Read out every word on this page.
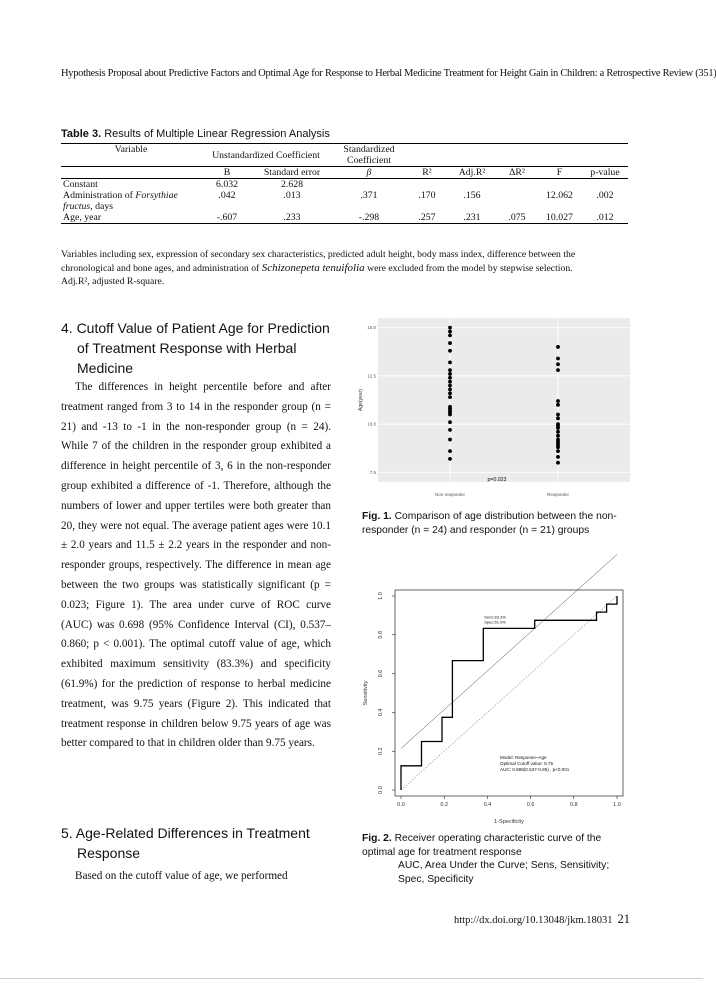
Hypothesis Proposal about Predictive Factors and Optimal Age for Response to Herbal Medicine Treatment for Height Gain in Children: a Retrospective Review (351)
Table 3. Results of Multiple Linear Regression Analysis
Variable	Unstandardized Coefficient		Standardized					
			Coefficient					
	B	Standard error	β	R²	Adj.R²	ΔR²	F	p-value
Constant	6.032	2.628						
Administration of Forsythiae fructus, days	.042	.013	.371	.170	.156		12.062	.002
Age, year	-.607	.233	-.298	.257	.231	.075	10.027	.012
Variables including sex, expression of secondary sex characteristics, predicted adult height, body mass index, difference between the chronological and bone ages, and administration of Schizonepeta tenuifolia were excluded from the model by stepwise selection.
Adj.R², adjusted R-square.
4. Cutoff Value of Patient Age for Prediction
of Treatment Response with Herbal
Medicine

The differences in height percentile before and after treatment ranged from 3 to 14 in the responder group (n = 21) and -13 to -1 in the non-responder group (n = 24). While 7 of the children in the responder group exhibited a difference in height percentile of 3, 6 in the non-responder group exhibited a difference of -1. Therefore, although the numbers of lower and upper tertiles were both greater than 20, they were not equal. The average patient ages were 10.1 ± 2.0 years and 11.5 ± 2.2 years in the responder and non-responder groups, respectively. The difference in mean age between the two groups was statistically significant (p = 0.023; Figure 1). The area under curve of ROC curve (AUC) was 0.698 (95% Confidence Interval (CI), 0.537–0.860; p < 0.001). The optimal cutoff value of age, which exhibited maximum sensitivity (83.3%) and specificity (61.9%) for the prediction of response to herbal medicine treatment, was 9.75 years (Figure 2). This indicated that treatment response in children below 9.75 years of age was better compared to that in children older than 9.75 years.

5. Age-Related Differences in Treatment
Response
Based on the cutoff value of age, we performed
7.5
10.0
12.5
15.0
Non-responder	Responder
Age(year)
p=0.023
Fig. 1. Comparison of age distribution between the non-responder (n = 24) and responder (n = 21) groups
0.0	0.2	0.4	0.6	0.8	1.0
0.0
0.2
0.4
0.6
0.8
1.0
Sensitivity
1-Specificity
Sens:83.3%
Spec:61.9%
Model: Response~Age
Optimal Cutoff value: 9.75
AUC: 0.698(0.537-0.86) , p<0.001
Fig. 2. Receiver operating characteristic curve of the optimal age for treatment response
AUC, Area Under the Curve; Sens, Sensitivity; Spec, Specificity
http://dx.doi.org/10.13048/jkm.18031 21
